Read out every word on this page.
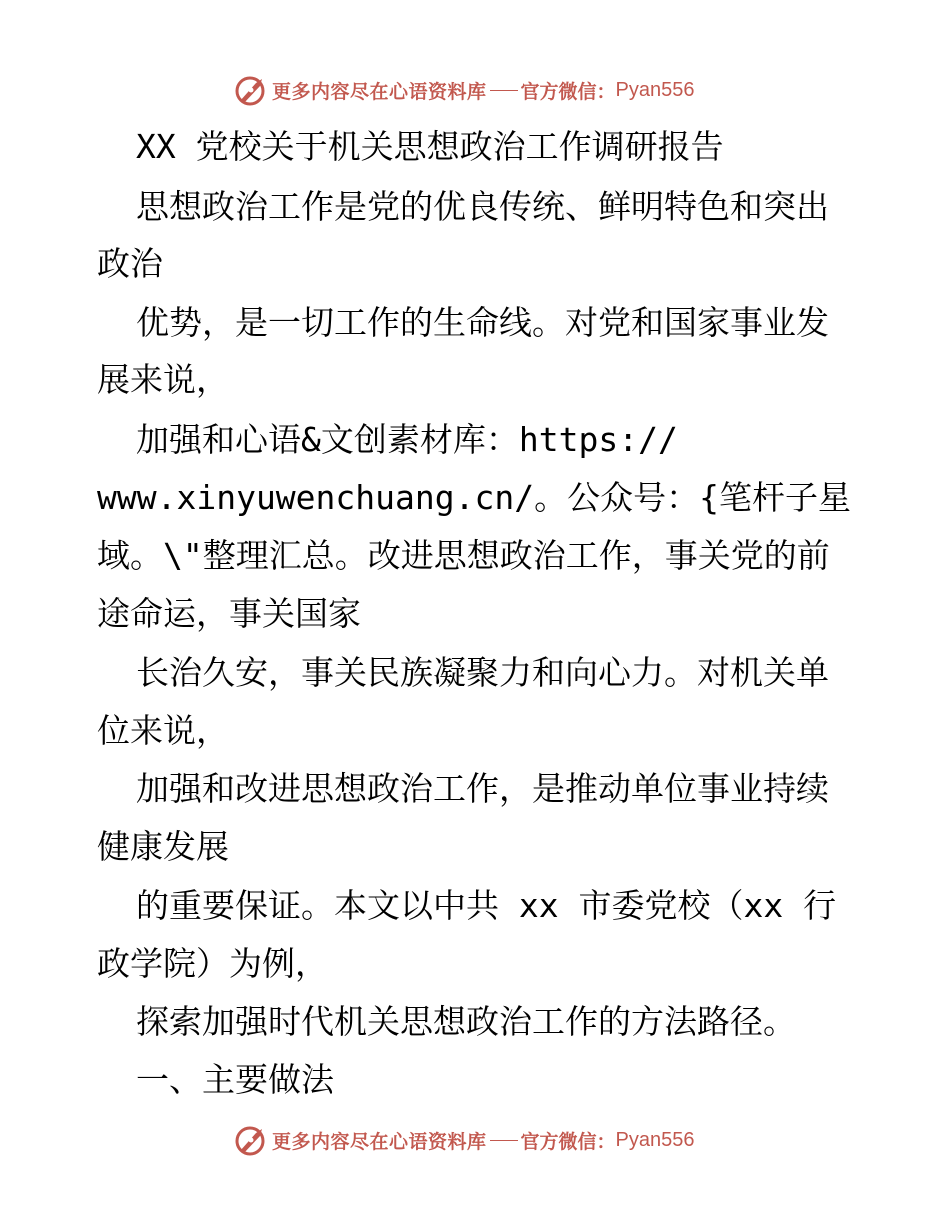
更多内容尽在心语资料库 官方微信： Pyan556

XX 党校关于机关思想政治工作调研报告

思想政治工作是党的优良传统、鲜明特色和突出

政治

优势，是一切工作的生命线。对党和国家事业发

展来说，

加强和心语&文创素材库：https://

www.xinyuwenchuang.cn/。公众号：{笔杆子星

域。\"整理汇总。改进思想政治工作，事关党的前

途命运，事关国家

长治久安，事关民族凝聚力和向心力。对机关单

位来说，

加强和改进思想政治工作，是推动单位事业持续

健康发展

的重要保证。本文以中共 xx 市委党校（xx 行

政学院）为例，

探索加强时代机关思想政治工作的方法路径。

一、主要做法

更多内容尽在心语资料库 官方微信： Pyan556
